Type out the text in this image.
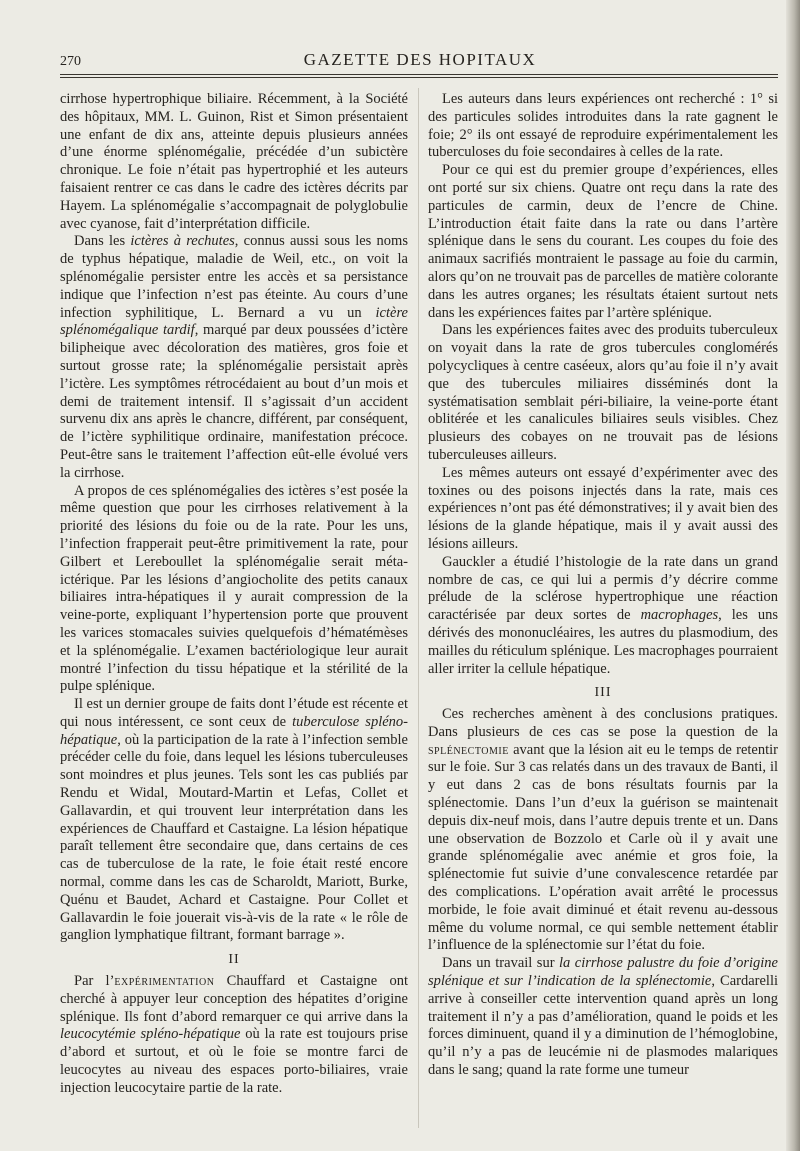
270	GAZETTE DES HOPITAUX

cirrhose hypertrophique biliaire. Récemment, à la Société des hôpitaux, MM. L. Guinon, Rist et Simon présentaient une enfant de dix ans, atteinte depuis plusieurs années d’une énorme splénomégalie, précédée d’un subictère chronique. Le foie n’était pas hypertrophié et les auteurs faisaient rentrer ce cas dans le cadre des ictères décrits par Hayem. La splénomégalie s’accompagnait de polyglobulie avec cyanose, fait d’interprétation difficile.

Dans les ictères à rechutes, connus aussi sous les noms de typhus hépatique, maladie de Weil, etc., on voit la splénomégalie persister entre les accès et sa persistance indique que l’infection n’est pas éteinte. Au cours d’une infection syphilitique, L. Bernard a vu un ictère splénomégalique tardif, marqué par deux poussées d’ictère bilipheique avec décoloration des matières, gros foie et surtout grosse rate; la splénomégalie persistait après l’ictère. Les symptômes rétrocédaient au bout d’un mois et demi de traitement intensif. Il s’agissait d’un accident survenu dix ans après le chancre, différent, par conséquent, de l’ictère syphilitique ordinaire, manifestation précoce. Peut-être sans le traitement l’affection eût-elle évolué vers la cirrhose.

A propos de ces splénomégalies des ictères s’est posée la même question que pour les cirrhoses relativement à la priorité des lésions du foie ou de la rate. Pour les uns, l’infection frapperait peut-être primitivement la rate, pour Gilbert et Lereboullet la splénomégalie serait méta-ictérique. Par les lésions d’angiocholite des petits canaux biliaires intra-hépatiques il y aurait compression de la veine-porte, expliquant l’hypertension porte que prouvent les varices stomacales suivies quelquefois d’hématémèses et la splénomégalie. L’examen bactériologique leur aurait montré l’infection du tissu hépatique et la stérilité de la pulpe splénique.

Il est un dernier groupe de faits dont l’étude est récente et qui nous intéressent, ce sont ceux de tuberculose spléno-hépatique, où la participation de la rate à l’infection semble précéder celle du foie, dans lequel les lésions tuberculeuses sont moindres et plus jeunes. Tels sont les cas publiés par Rendu et Widal, Moutard-Martin et Lefas, Collet et Gallavardin, et qui trouvent leur interprétation dans les expériences de Chauffard et Castaigne. La lésion hépatique paraît tellement être secondaire que, dans certains de ces cas de tuberculose de la rate, le foie était resté encore normal, comme dans les cas de Scharoldt, Mariott, Burke, Quénu et Baudet, Achard et Castaigne. Pour Collet et Gallavardin le foie jouerait vis-à-vis de la rate « le rôle de ganglion lymphatique filtrant, formant barrage ».

II

Par l’expérimentation Chauffard et Castaigne ont cherché à appuyer leur conception des hépatites d’origine splénique. Ils font d’abord remarquer ce qui arrive dans la leucocytémie spléno-hépatique où la rate est toujours prise d’abord et surtout, et où le foie se montre farci de leucocytes au niveau des espaces porto-biliaires, vraie injection leucocytaire partie de la rate.

Les auteurs dans leurs expériences ont recherché : 1° si des particules solides introduites dans la rate gagnent le foie; 2° ils ont essayé de reproduire expérimentalement les tuberculoses du foie secondaires à celles de la rate.

Pour ce qui est du premier groupe d’expériences, elles ont porté sur six chiens. Quatre ont reçu dans la rate des particules de carmin, deux de l’encre de Chine. L’introduction était faite dans la rate ou dans l’artère splénique dans le sens du courant. Les coupes du foie des animaux sacrifiés montraient le passage au foie du carmin, alors qu’on ne trouvait pas de parcelles de matière colorante dans les autres organes; les résultats étaient surtout nets dans les expériences faites par l’artère splénique.

Dans les expériences faites avec des produits tuberculeux on voyait dans la rate de gros tubercules conglomérés polycycliques à centre caséeux, alors qu’au foie il n’y avait que des tubercules miliaires disséminés dont la systématisation semblait péri-biliaire, la veine-porte étant oblitérée et les canalicules biliaires seuls visibles. Chez plusieurs des cobayes on ne trouvait pas de lésions tuberculeuses ailleurs.

Les mêmes auteurs ont essayé d’expérimenter avec des toxines ou des poisons injectés dans la rate, mais ces expériences n’ont pas été démonstratives; il y avait bien des lésions de la glande hépatique, mais il y avait aussi des lésions ailleurs.

Gauckler a étudié l’histologie de la rate dans un grand nombre de cas, ce qui lui a permis d’y décrire comme prélude de la sclérose hypertrophique une réaction caractérisée par deux sortes de macrophages, les uns dérivés des mononucléaires, les autres du plasmodium, des mailles du réticulum splénique. Les macrophages pourraient aller irriter la cellule hépatique.

III

Ces recherches amènent à des conclusions pratiques. Dans plusieurs de ces cas se pose la question de la splénectomie avant que la lésion ait eu le temps de retentir sur le foie. Sur 3 cas relatés dans un des travaux de Banti, il y eut dans 2 cas de bons résultats fournis par la splénectomie. Dans l’un d’eux la guérison se maintenait depuis dix-neuf mois, dans l’autre depuis trente et un. Dans une observation de Bozzolo et Carle où il y avait une grande splénomégalie avec anémie et gros foie, la splénectomie fut suivie d’une convalescence retardée par des complications. L’opération avait arrêté le processus morbide, le foie avait diminué et était revenu au-dessous même du volume normal, ce qui semble nettement établir l’influence de la splénectomie sur l’état du foie.

Dans un travail sur la cirrhose palustre du foie d’origine splénique et sur l’indication de la splénectomie, Cardarelli arrive à conseiller cette intervention quand après un long traitement il n’y a pas d’amélioration, quand le poids et les forces diminuent, quand il y a diminution de l’hémoglobine, qu’il n’y a pas de leucémie ni de plasmodes malariques dans le sang; quand la rate forme une tumeur
